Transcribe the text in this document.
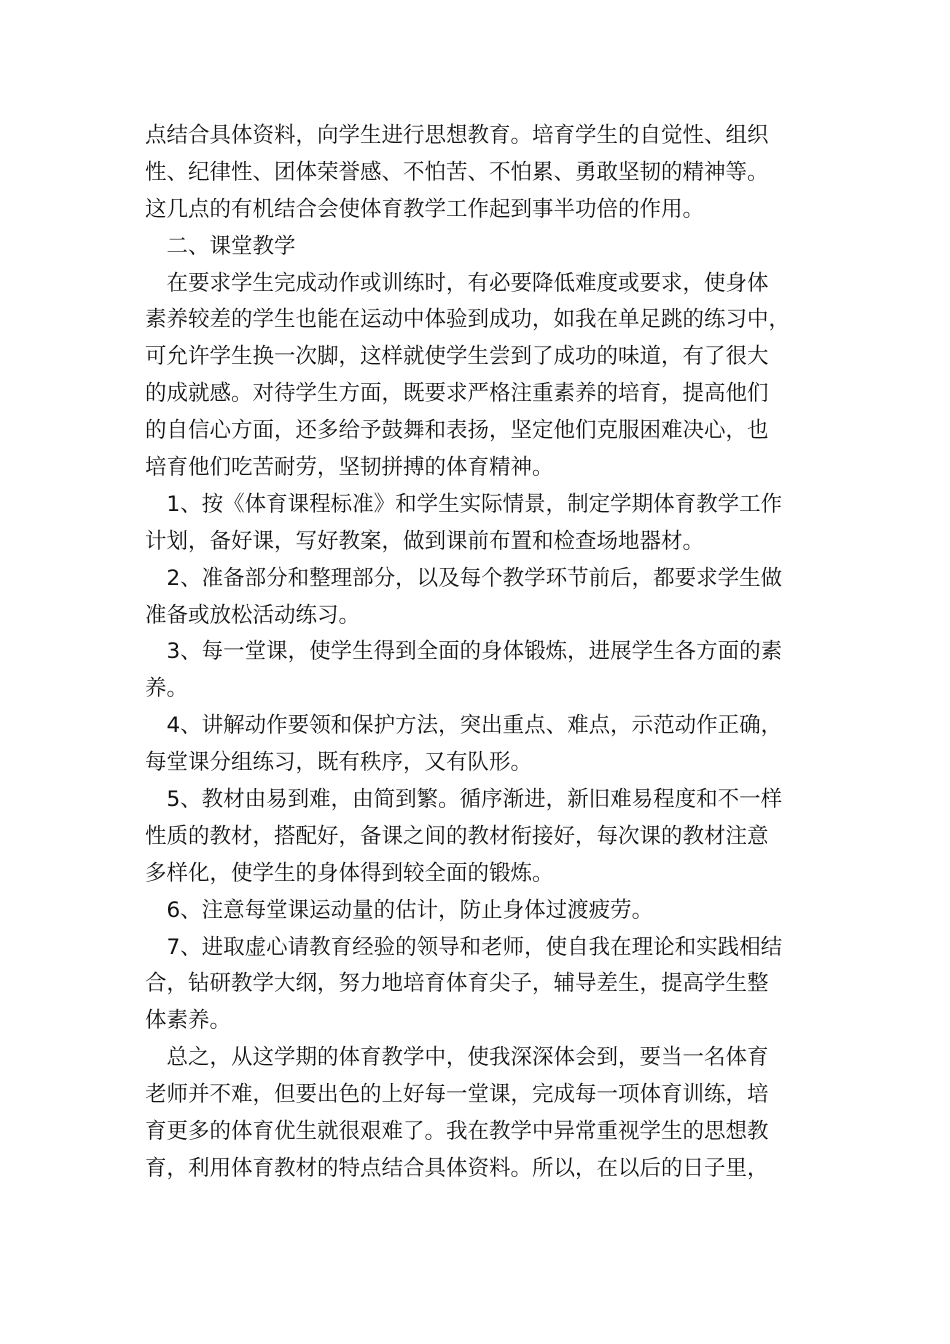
点结合具体资料，向学生进行思想教育。培育学生的自觉性、组织
性、纪律性、团体荣誉感、不怕苦、不怕累、勇敢坚韧的精神等。
这几点的有机结合会使体育教学工作起到事半功倍的作用。
　二、课堂教学
　在要求学生完成动作或训练时，有必要降低难度或要求，使身体
素养较差的学生也能在运动中体验到成功，如我在单足跳的练习中，
可允许学生换一次脚，这样就使学生尝到了成功的味道，有了很大
的成就感。对待学生方面，既要求严格注重素养的培育，提高他们
的自信心方面，还多给予鼓舞和表扬，坚定他们克服困难决心，也
培育他们吃苦耐劳，坚韧拼搏的体育精神。
　1、按《体育课程标准》和学生实际情景，制定学期体育教学工作
计划，备好课，写好教案，做到课前布置和检查场地器材。
　2、准备部分和整理部分，以及每个教学环节前后，都要求学生做
准备或放松活动练习。
　3、每一堂课，使学生得到全面的身体锻炼，进展学生各方面的素
养。
　4、讲解动作要领和保护方法，突出重点、难点，示范动作正确，
每堂课分组练习，既有秩序，又有队形。
　5、教材由易到难，由简到繁。循序渐进，新旧难易程度和不一样
性质的教材，搭配好，备课之间的教材衔接好，每次课的教材注意
多样化，使学生的身体得到较全面的锻炼。
　6、注意每堂课运动量的估计，防止身体过渡疲劳。
　7、进取虚心请教育经验的领导和老师，使自我在理论和实践相结
合，钻研教学大纲，努力地培育体育尖子，辅导差生，提高学生整
体素养。
　总之，从这学期的体育教学中，使我深深体会到，要当一名体育
老师并不难，但要出色的上好每一堂课，完成每一项体育训练，培
育更多的体育优生就很艰难了。我在教学中异常重视学生的思想教
育，利用体育教材的特点结合具体资料。所以，在以后的日子里，
